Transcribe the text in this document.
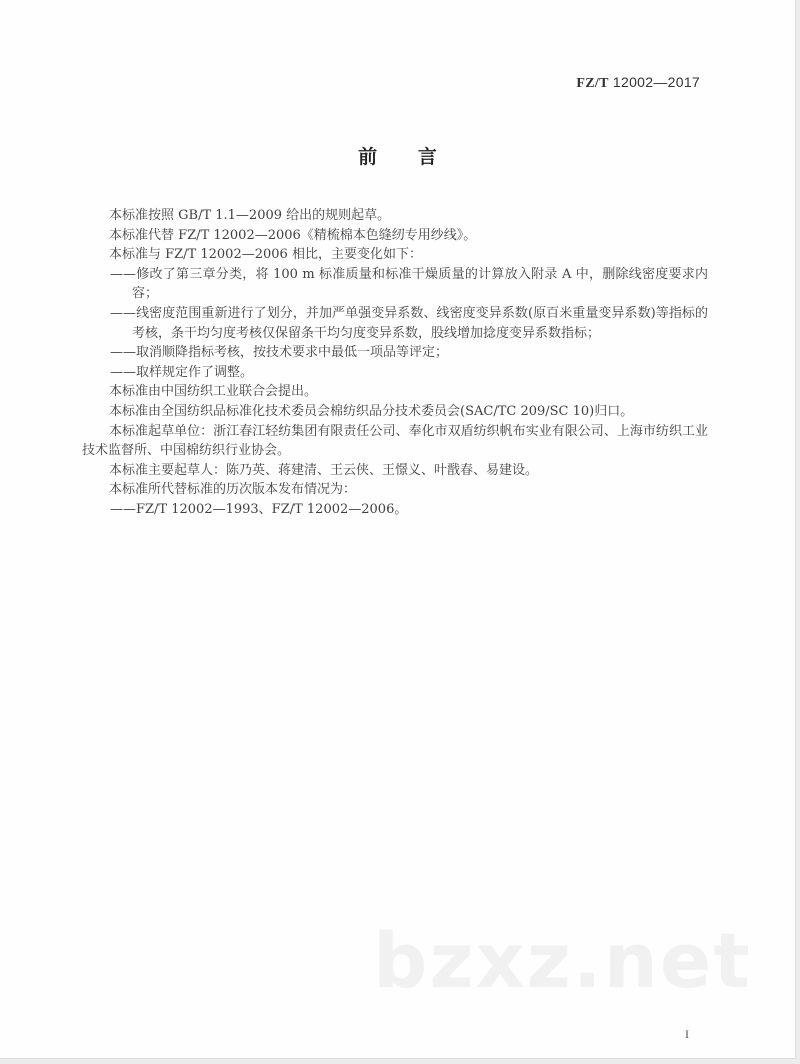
FZ/T 12002—2017
前 言

本标准按照 GB/T 1.1—2009 给出的规则起草。

本标准代替 FZ/T 12002—2006《精梳棉本色缝纫专用纱线》。

本标准与 FZ/T 12002—2006 相比，主要变化如下：

——修改了第三章分类，将 100 m 标准质量和标准干燥质量的计算放入附录 A 中，删除线密度要求内容；

——线密度范围重新进行了划分，并加严单强变异系数、线密度变异系数(原百米重量变异系数)等指标的考核，条干均匀度考核仅保留条干均匀度变异系数，股线增加捻度变异系数指标；

——取消顺降指标考核，按技术要求中最低一项品等评定；

——取样规定作了调整。

本标准由中国纺织工业联合会提出。

本标准由全国纺织品标准化技术委员会棉纺织品分技术委员会(SAC/TC 209/SC 10)归口。

本标准起草单位：浙江春江轻纺集团有限责任公司、奉化市双盾纺织帆布实业有限公司、上海市纺织工业技术监督所、中国棉纺织行业协会。

本标准主要起草人：陈乃英、蒋建清、王云侠、王憬义、叶戬春、易建设。

本标准所代替标准的历次版本发布情况为：

——FZ/T 12002—1993、FZ/T 12002—2006。

bzxz.net
I
